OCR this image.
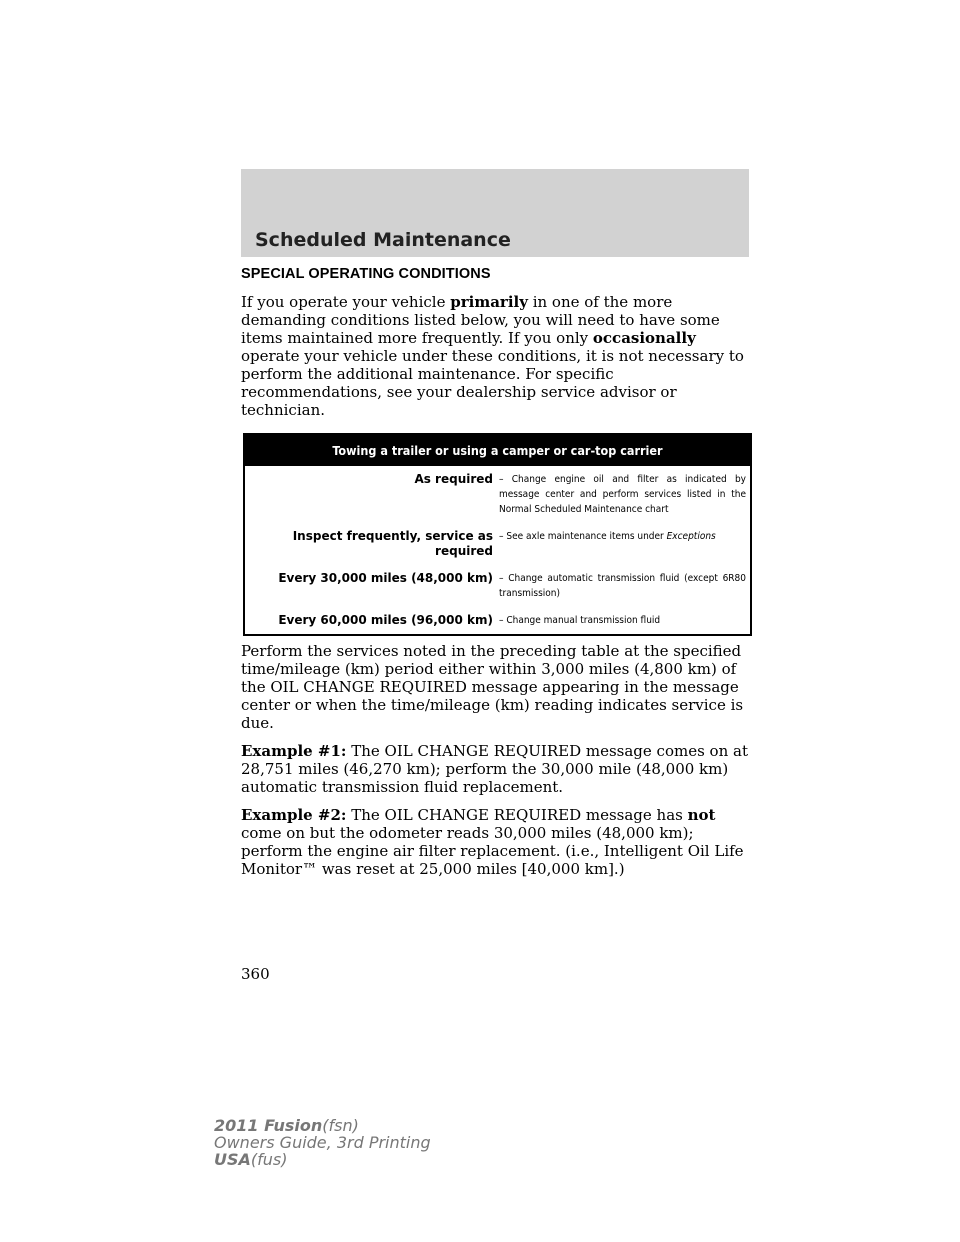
Scheduled Maintenance
SPECIAL OPERATING CONDITIONS

If you operate your vehicle primarily in one of the more demanding conditions listed below, you will need to have some items maintained more frequently. If you only occasionally operate your vehicle under these conditions, it is not necessary to perform the additional maintenance. For specific recommendations, see your dealership service advisor or technician.

Towing a trailer or using a camper or car-top carrier
As required – Change engine oil and filter as indicated by message center and perform services listed in the Normal Scheduled Maintenance chart
Inspect frequently, service as required
– See axle maintenance items under Exceptions
Every 30,000 miles (48,000 km) – Change automatic transmission fluid (except 6R80 transmission)
Every 60,000 miles (96,000 km) – Change manual transmission fluid

Perform the services noted in the preceding table at the specified time/mileage (km) period either within 3,000 miles (4,800 km) of the OIL CHANGE REQUIRED message appearing in the message center or when the time/mileage (km) reading indicates service is due.

Example #1: The OIL CHANGE REQUIRED message comes on at 28,751 miles (46,270 km); perform the 30,000 mile (48,000 km) automatic transmission fluid replacement.

Example #2: The OIL CHANGE REQUIRED message has not come on but the odometer reads 30,000 miles (48,000 km); perform the engine air filter replacement. (i.e., Intelligent Oil Life Monitor™ was reset at 25,000 miles [40,000 km].)

360
2011 Fusion(fsn)
Owners Guide, 3rd Printing
USA(fus)
